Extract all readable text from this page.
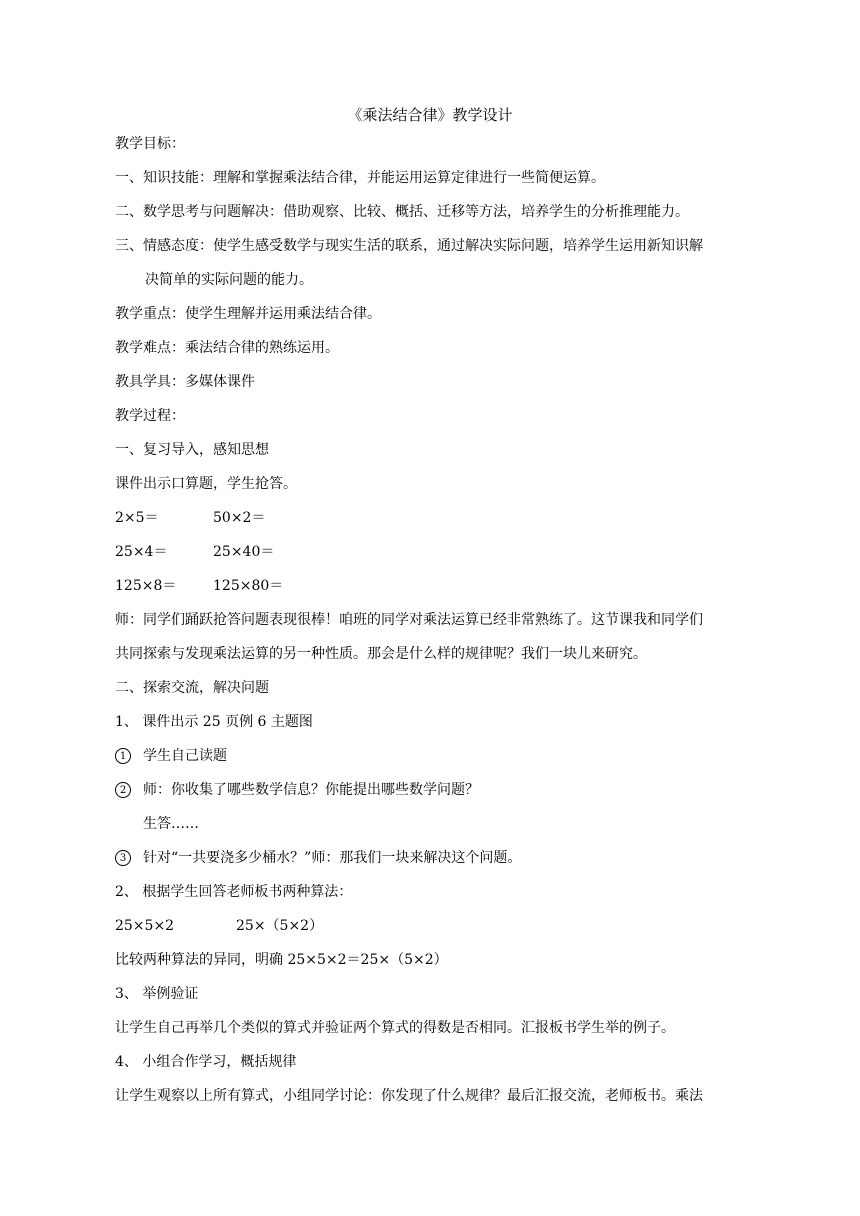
《乘法结合律》教学设计
教学目标：
一、知识技能：理解和掌握乘法结合律，并能运用运算定律进行一些简便运算。
二、数学思考与问题解决：借助观察、比较、概括、迁移等方法，培养学生的分析推理能力。
三、情感态度：使学生感受数学与现实生活的联系，通过解决实际问题，培养学生运用新知识解
决简单的实际问题的能力。
教学重点：使学生理解并运用乘法结合律。
教学难点：乘法结合律的熟练运用。
教具学具：多媒体课件
教学过程：
一、复习导入，感知思想
课件出示口算题，学生抢答。
2×5＝	50×2＝
25×4＝	25×40＝
125×8＝	125×80＝
师：同学们踊跃抢答问题表现很棒！咱班的同学对乘法运算已经非常熟练了。这节课我和同学们
共同探索与发现乘法运算的另一种性质。那会是什么样的规律呢？我们一块儿来研究。
二、探索交流，解决问题
1、 课件出示 25 页例 6 主题图
1 学生自己读题
2 师：你收集了哪些数学信息？你能提出哪些数学问题？
生答……
3 针对“一共要浇多少桶水？”师：那我们一块来解决这个问题。
2、 根据学生回答老师板书两种算法：
25×5×2	25×（5×2）
比较两种算法的异同，明确 25×5×2＝25×（5×2）
3、 举例验证
让学生自己再举几个类似的算式并验证两个算式的得数是否相同。汇报板书学生举的例子。
4、 小组合作学习，概括规律
让学生观察以上所有算式，小组同学讨论：你发现了什么规律？最后汇报交流，老师板书。乘法
